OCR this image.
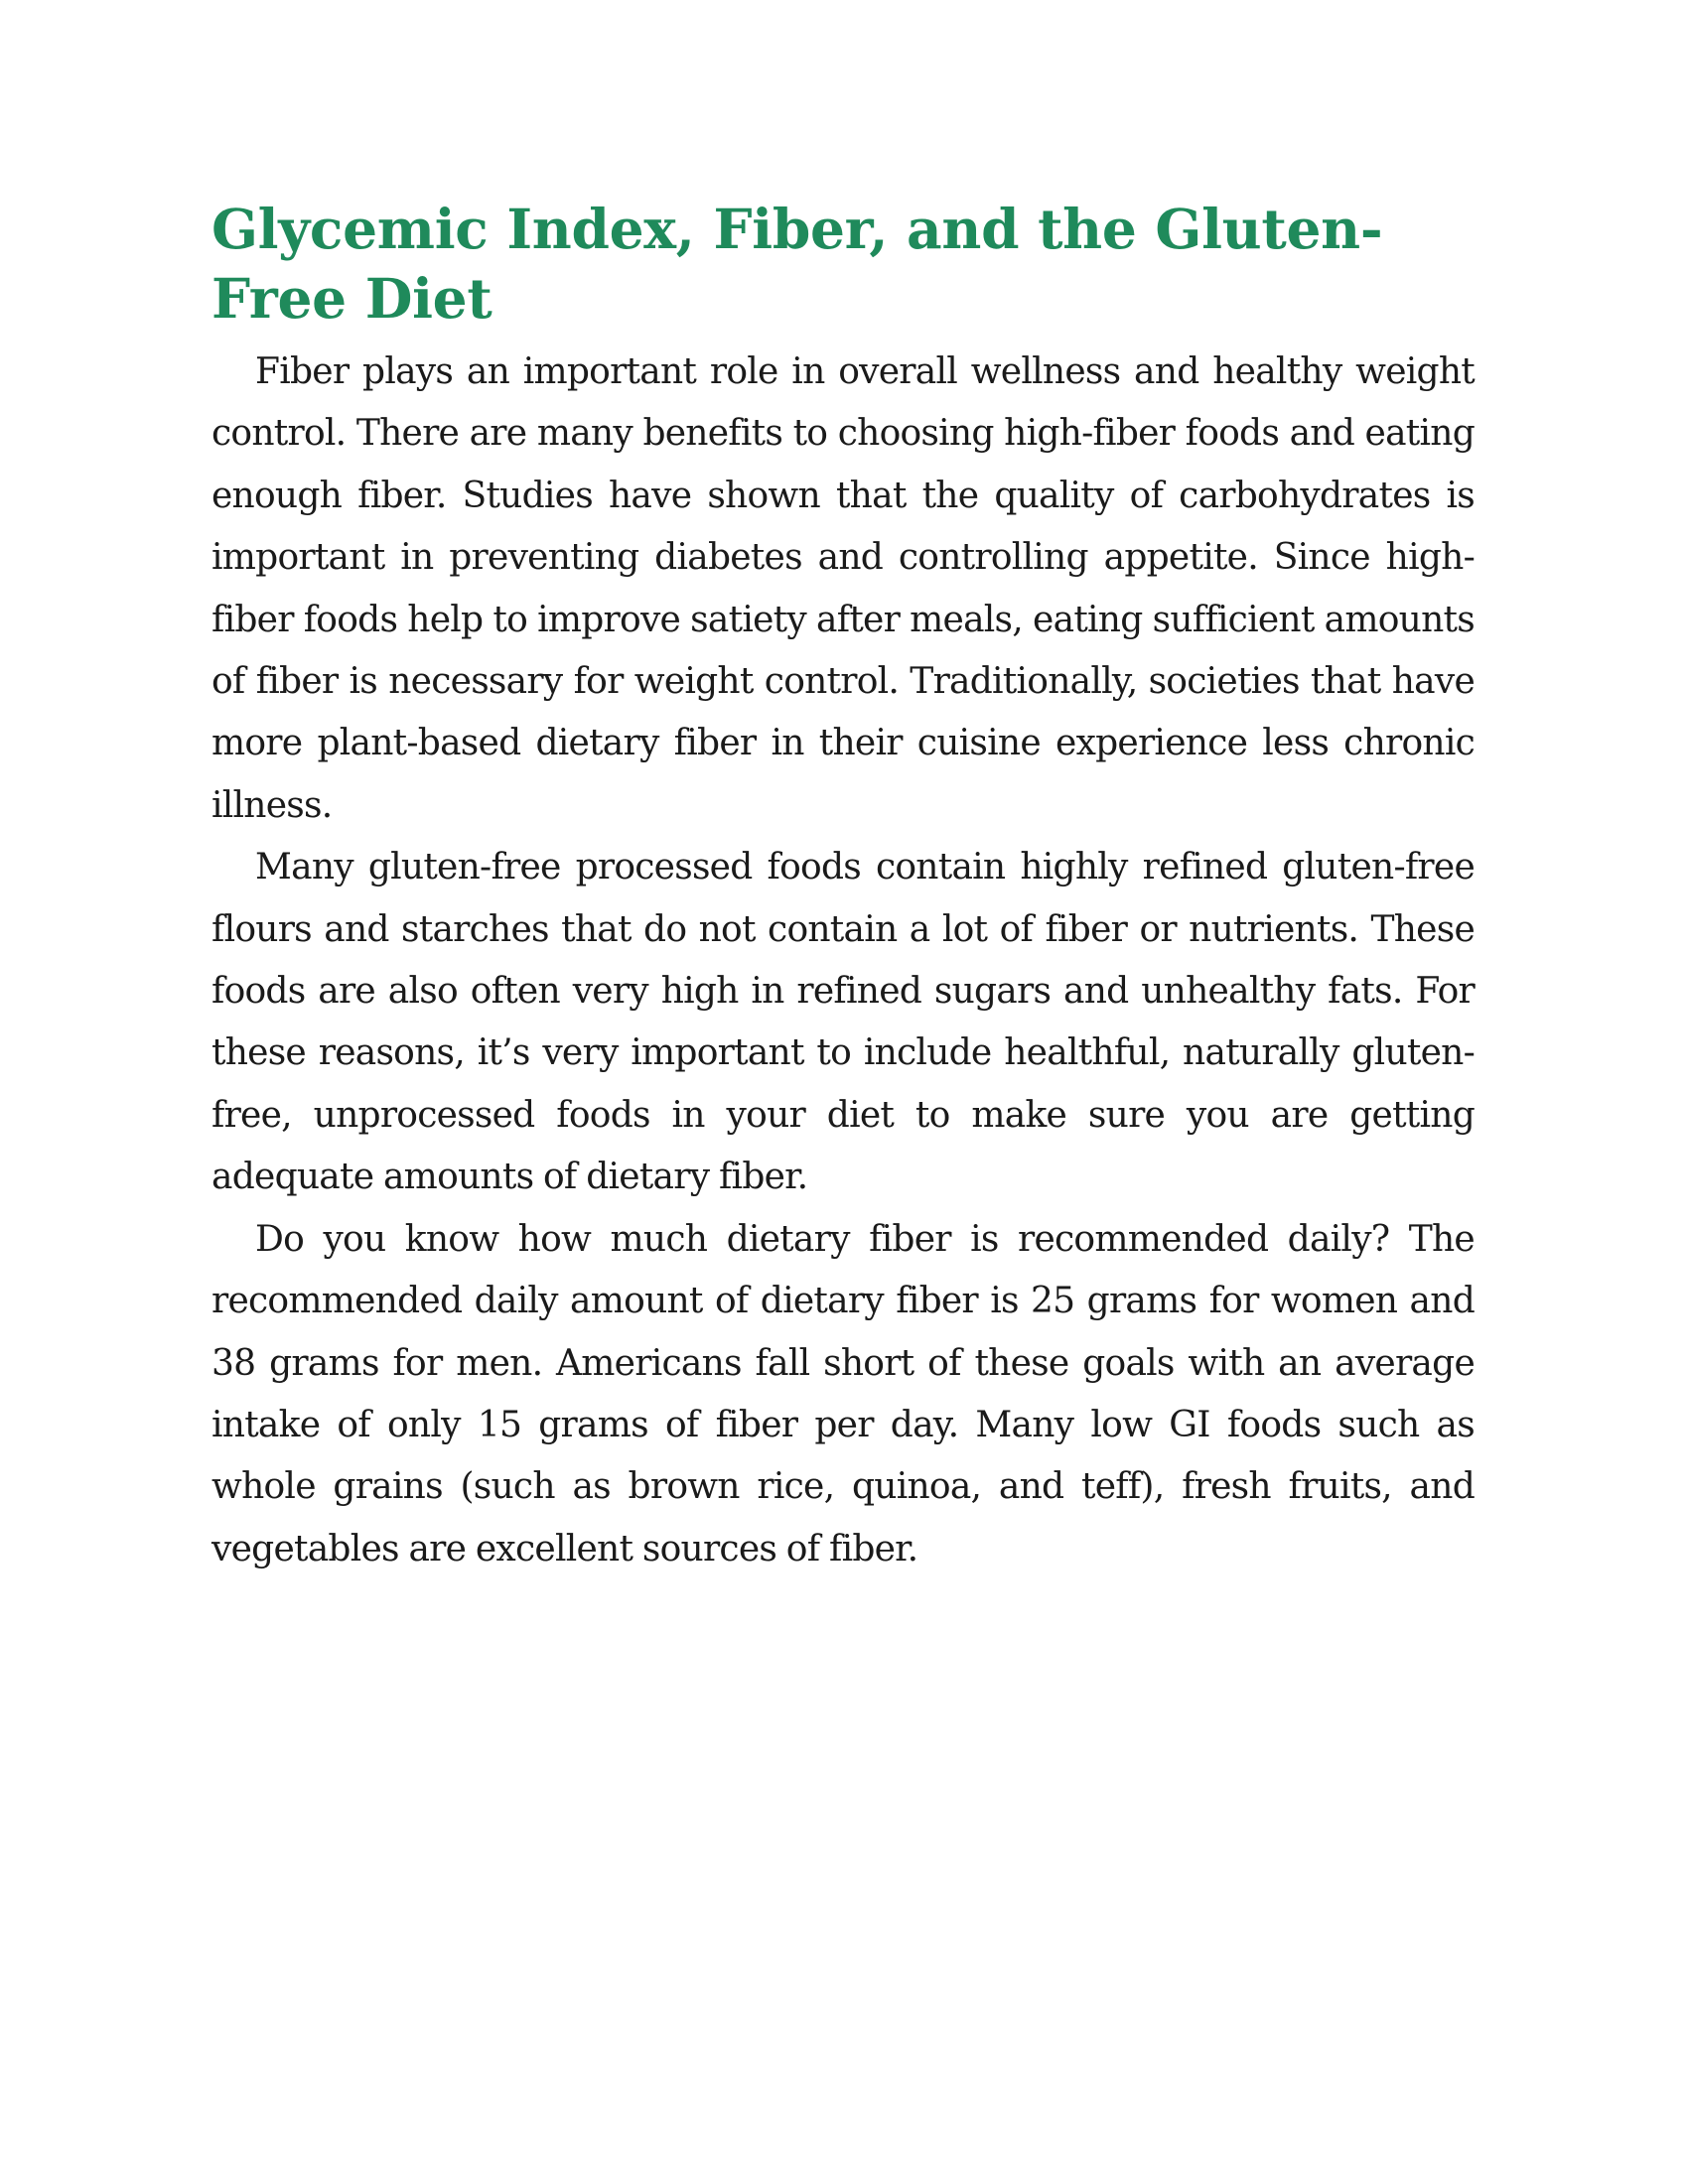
Glycemic Index, Fiber, and the Gluten-Free Diet

Fiber plays an important role in overall wellness and healthy weight control. There are many benefits to choosing high-fiber foods and eating enough fiber. Studies have shown that the quality of carbohydrates is important in preventing diabetes and controlling appetite. Since high-fiber foods help to improve satiety after meals, eating sufficient amounts of fiber is necessary for weight control. Traditionally, societies that have more plant-based dietary fiber in their cuisine experience less chronic illness.

Many gluten-free processed foods contain highly refined gluten-free flours and starches that do not contain a lot of fiber or nutrients. These foods are also often very high in refined sugars and unhealthy fats. For these reasons, it’s very important to include healthful, naturally gluten-free, unprocessed foods in your diet to make sure you are getting adequate amounts of dietary fiber.

Do you know how much dietary fiber is recommended daily? The recommended daily amount of dietary fiber is 25 grams for women and 38 grams for men. Americans fall short of these goals with an average intake of only 15 grams of fiber per day. Many low GI foods such as whole grains (such as brown rice, quinoa, and teff), fresh fruits, and vegetables are excellent sources of fiber.
